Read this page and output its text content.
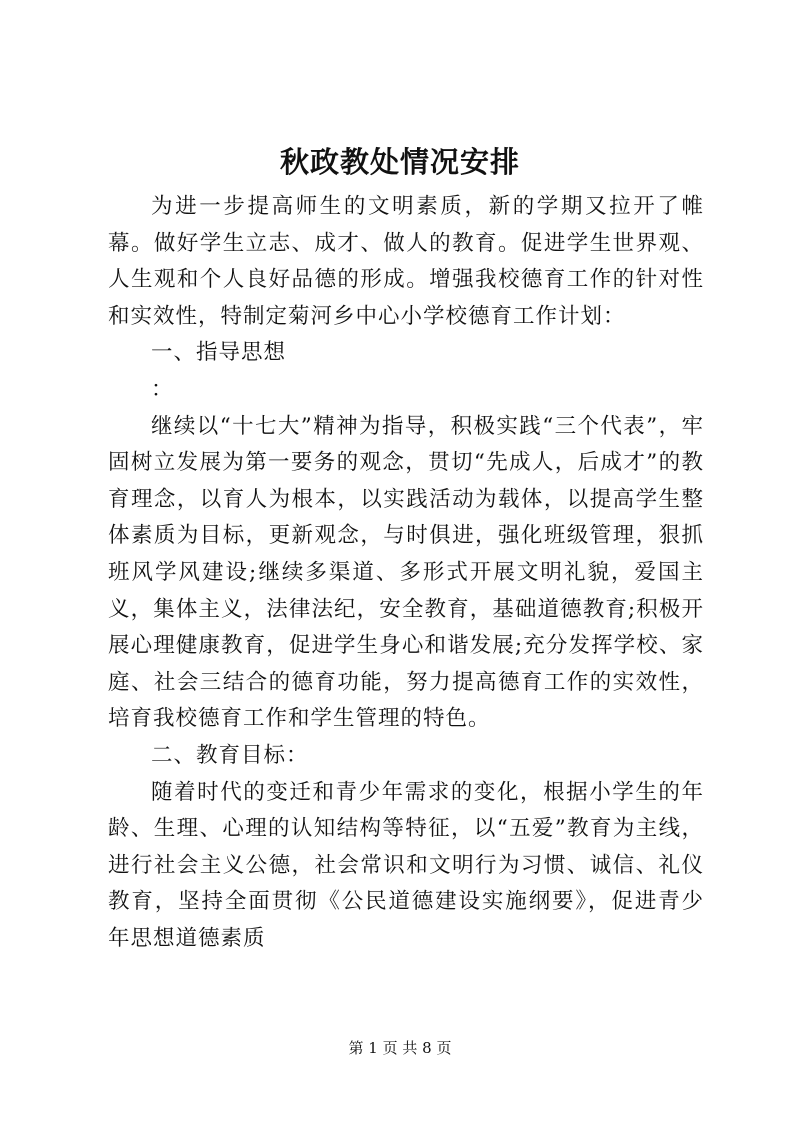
秋政教处情况安排

为进一步提高师生的文明素质，新的学期又拉开了帷幕。做好学生立志、成才、做人的教育。促进学生世界观、人生观和个人良好品德的形成。增强我校德育工作的针对性和实效性，特制定菊河乡中心小学校德育工作计划：

一、指导思想

：

继续以“十七大”精神为指导，积极实践“三个代表”，牢固树立发展为第一要务的观念，贯切“先成人，后成才”的教育理念，以育人为根本，以实践活动为载体，以提高学生整体素质为目标，更新观念，与时俱进，强化班级管理，狠抓班风学风建设;继续多渠道、多形式开展文明礼貌，爱国主义，集体主义，法律法纪，安全教育，基础道德教育;积极开展心理健康教育，促进学生身心和谐发展;充分发挥学校、家庭、社会三结合的德育功能，努力提高德育工作的实效性，培育我校德育工作和学生管理的特色。

二、教育目标：

随着时代的变迁和青少年需求的变化，根据小学生的年龄、生理、心理的认知结构等特征，以“五爱”教育为主线，进行社会主义公德，社会常识和文明行为习惯、诚信、礼仪教育，坚持全面贯彻《公民道德建设实施纲要》，促进青少年思想道德素质

第 1 页 共 8 页
